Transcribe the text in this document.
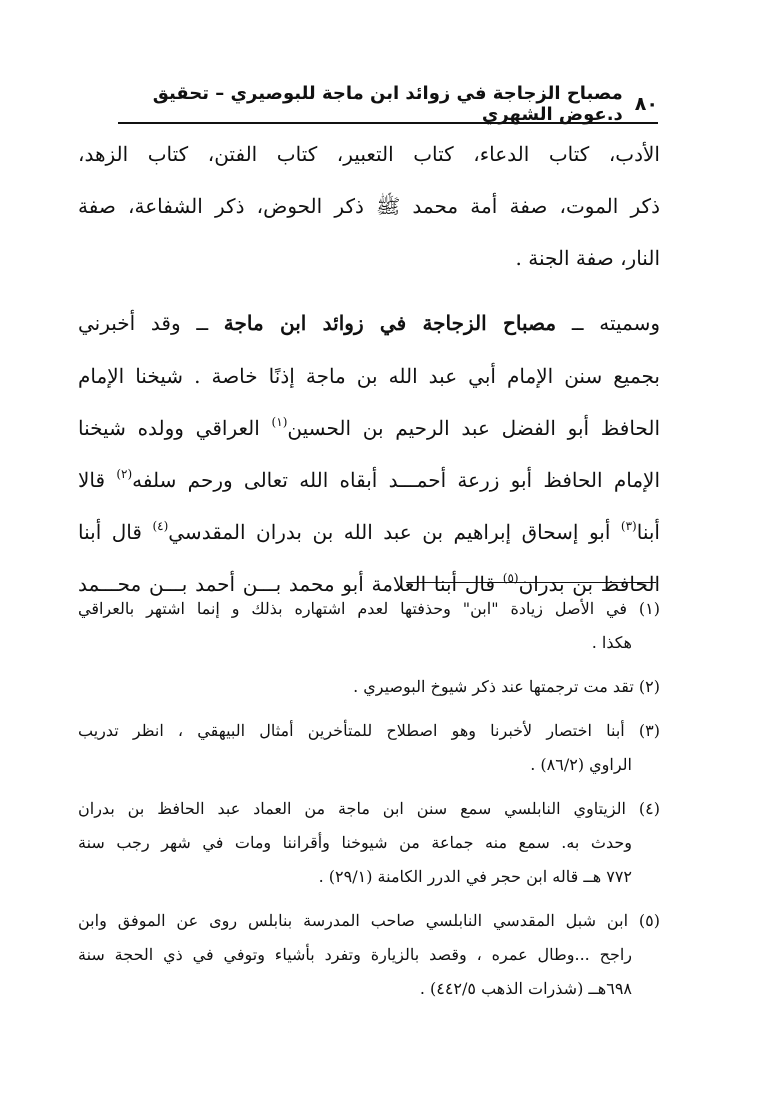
٨٠
مصباح الزجاجة في زوائد ابن ماجة للبوصيري – تحقيق د.عوض الشهري
الأدب، كتاب الدعاء، كتاب التعبير، كتاب الفتن، كتاب الزهد،
ذكر الموت، صفة أمة محمد ﷺ ذكر الحوض، ذكر الشفاعة، صفة
النار، صفة الجنة .
وسميته ــ مصباح الزجاجة في زوائد ابن ماجة ــ وقد أخبرني
بجميع سنن الإمام أبي عبد الله بن ماجة إذنًا خاصة . شيخنا الإمام
الحافظ أبو الفضل عبد الرحيم بن الحسين$^{(١)}$ العراقي وولده شيخنا
الإمام الحافظ أبو زرعة أحمـــد أبقاه الله تعالى ورحم سلفه$^{(٢)}$ قالا
أبنا$^{(٣)}$ أبو إسحاق إبراهيم بن عبد الله بن بدران المقدسي$^{(٤)}$ قال أبنا
الحافظ بن بدران$^{(٥)}$ قال أبنا العلامة أبو محمد بـــن أحمد بـــن محـــمد
(١) في الأصل زيادة "ابن" وحذفتها لعدم اشتهاره بذلك و إنما اشتهر بالعراقي
هكذا .
(٢) تقد مت ترجمتها عند ذكر شيوخ البوصيري .
(٣) أبنا اختصار لأخبرنا وهو اصطلاح للمتأخرين أمثال البيهقي ، انظر تدريب
الراوي (٨٦/٢) .
(٤) الزيتاوي النابلسي سمع سنن ابن ماجة من العماد عبد الحافظ بن بدران
وحدث به. سمع منه جماعة من شيوخنا وأقراننا ومات في شهر رجب سنة
٧٧٢ هــ قاله ابن حجر في الدرر الكامنة (٢٩/١) .
(٥) ابن شبل المقدسي النابلسي صاحب المدرسة بنابلس روى عن الموفق وابن
راجح ...وطال عمره ، وقصد بالزيارة وتفرد بأشياء وتوفي في ذي الحجة سنة
٦٩٨هــ (شذرات الذهب ٤٤٢/٥) .
